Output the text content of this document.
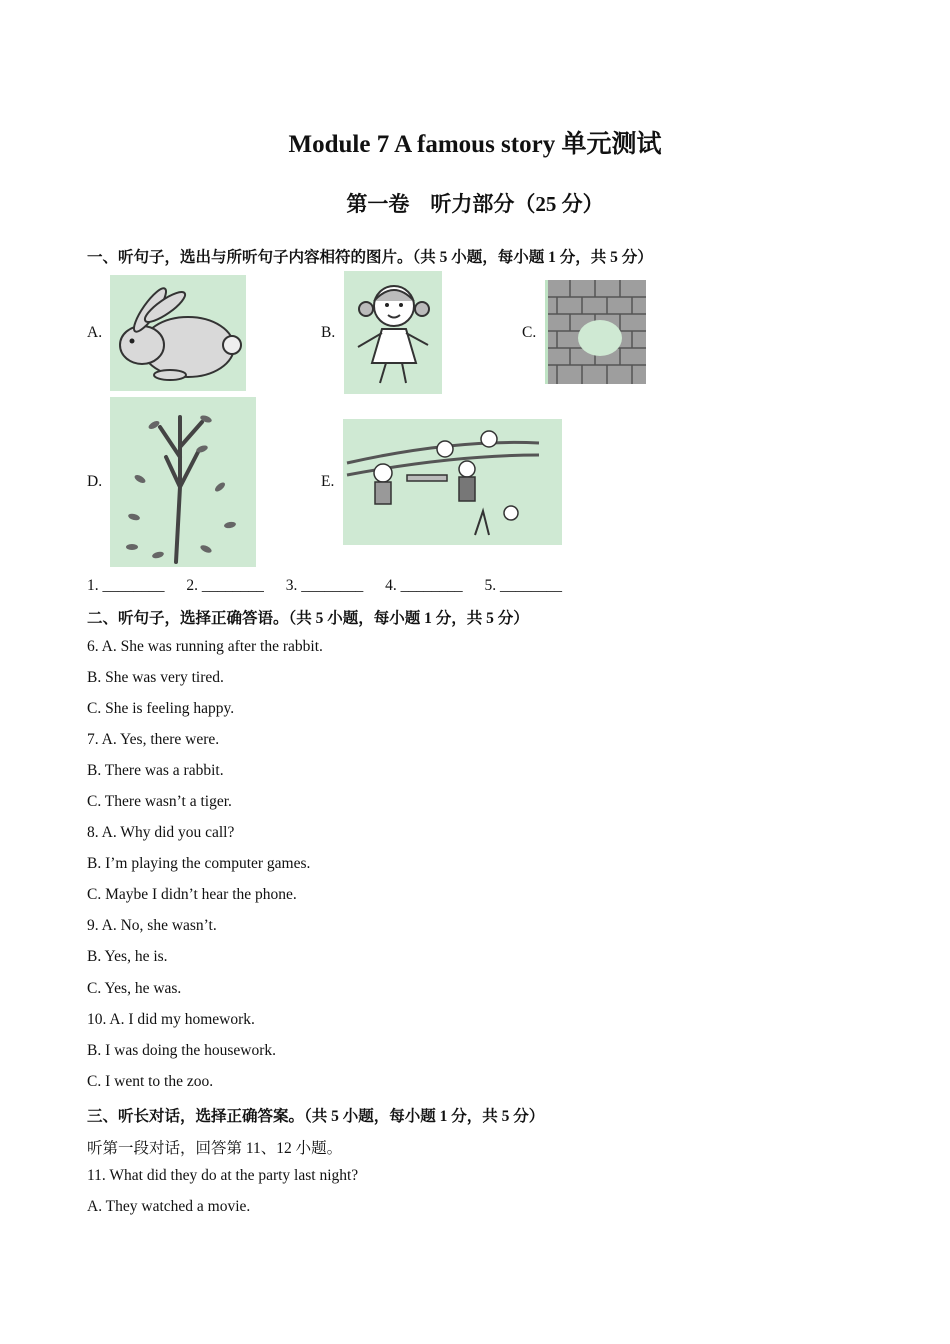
Module 7 A famous story 单元测试
第一卷　听力部分（25 分）
一、听句子，选出与所听句子内容相符的图片。（共 5 小题，每小题 1 分，共 5 分）
A.	B.	C.
D.	E.
1. ________ 2. ________ 3. ________ 4. ________ 5. ________
二、听句子，选择正确答语。（共 5 小题，每小题 1 分，共 5 分）
6. A. She was running after the rabbit.
B. She was very tired.
C. She is feeling happy.
7. A. Yes, there were.
B. There was a rabbit.
C. There wasn’t a tiger.
8. A. Why did you call?
B. I’m playing the computer games.
C. Maybe I didn’t hear the phone.
9. A. No, she wasn’t.
B. Yes, he is.
C. Yes, he was.
10. A. I did my homework.
B. I was doing the housework.
C. I went to the zoo.
三、听长对话，选择正确答案。（共 5 小题，每小题 1 分，共 5 分）
听第一段对话，回答第 11、12 小题。
11. What did they do at the party last night?
A. They watched a movie.
